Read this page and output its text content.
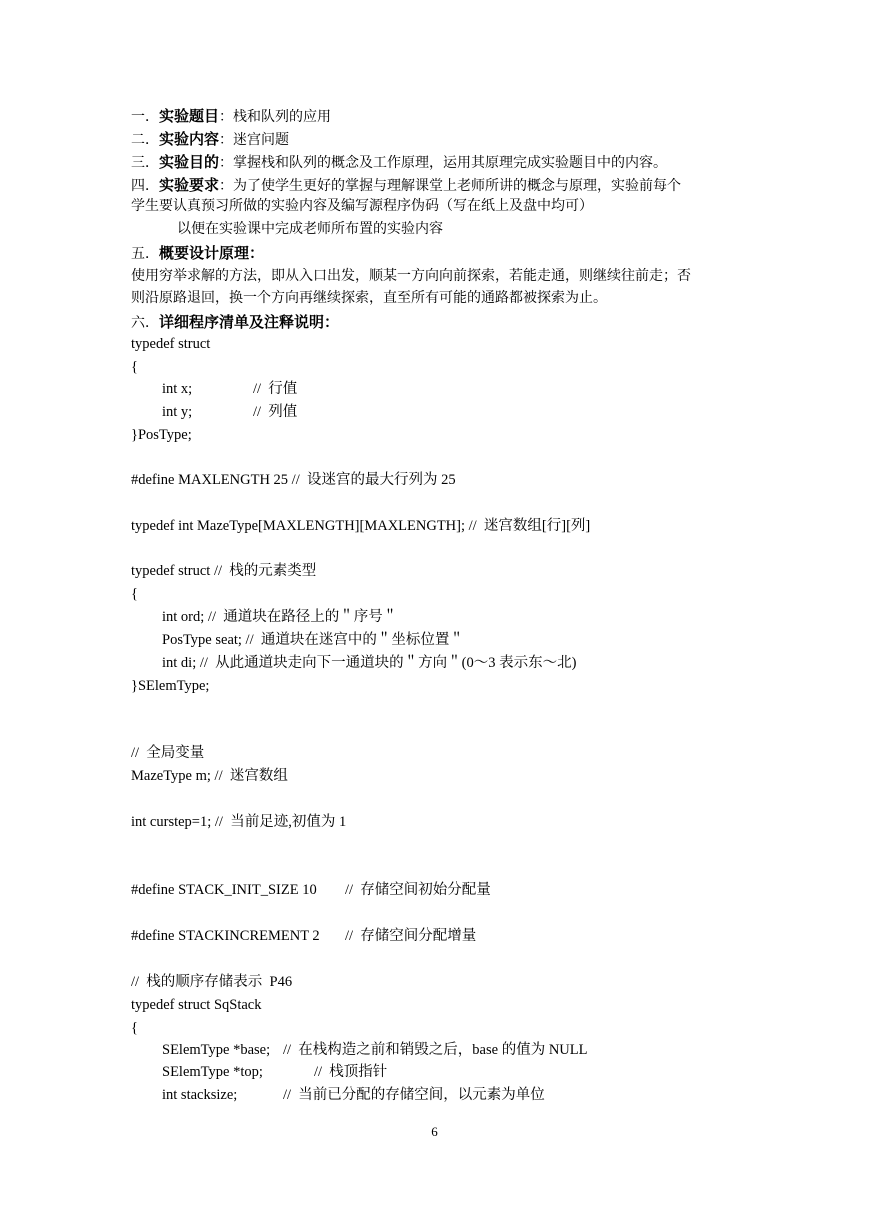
一．实验题目：栈和队列的应用
二．实验内容：迷宫问题
三．实验目的：掌握栈和队列的概念及工作原理，运用其原理完成实验题目中的内容。
四．实验要求：为了使学生更好的掌握与理解课堂上老师所讲的概念与原理，实验前每个
学生要认真预习所做的实验内容及编写源程序伪码（写在纸上及盘中均可）
以便在实验课中完成老师所布置的实验内容
五．概要设计原理：
使用穷举求解的方法，即从入口出发，顺某一方向向前探索，若能走通，则继续往前走；否
则沿原路退回，换一个方向再继续探索，直至所有可能的通路都被探索为止。
六．详细程序清单及注释说明：
typedef struct
{
int x;	//  行值
int y;	//  列值
}PosType;
#define MAXLENGTH 25 //  设迷宫的最大行列为 25
typedef int MazeType[MAXLENGTH][MAXLENGTH]; //  迷宫数组[行][列]
typedef struct //  栈的元素类型
{
int ord; //  通道块在路径上的＂序号＂
PosType seat; //  通道块在迷宫中的＂坐标位置＂
int di; //  从此通道块走向下一通道块的＂方向＂(0～3 表示东～北)
}SElemType;
//  全局变量
MazeType m; //  迷宫数组
int curstep=1; //  当前足迹,初值为 1
#define STACK_INIT_SIZE 10 //  存储空间初始分配量
#define STACKINCREMENT 2 //  存储空间分配增量
//  栈的顺序存储表示  P46
typedef struct SqStack
{
SElemType *base; //  在栈构造之前和销毁之后，base 的值为 NULL
SElemType *top;	//  栈顶指针
int stacksize;	//  当前已分配的存储空间，以元素为单位
6
